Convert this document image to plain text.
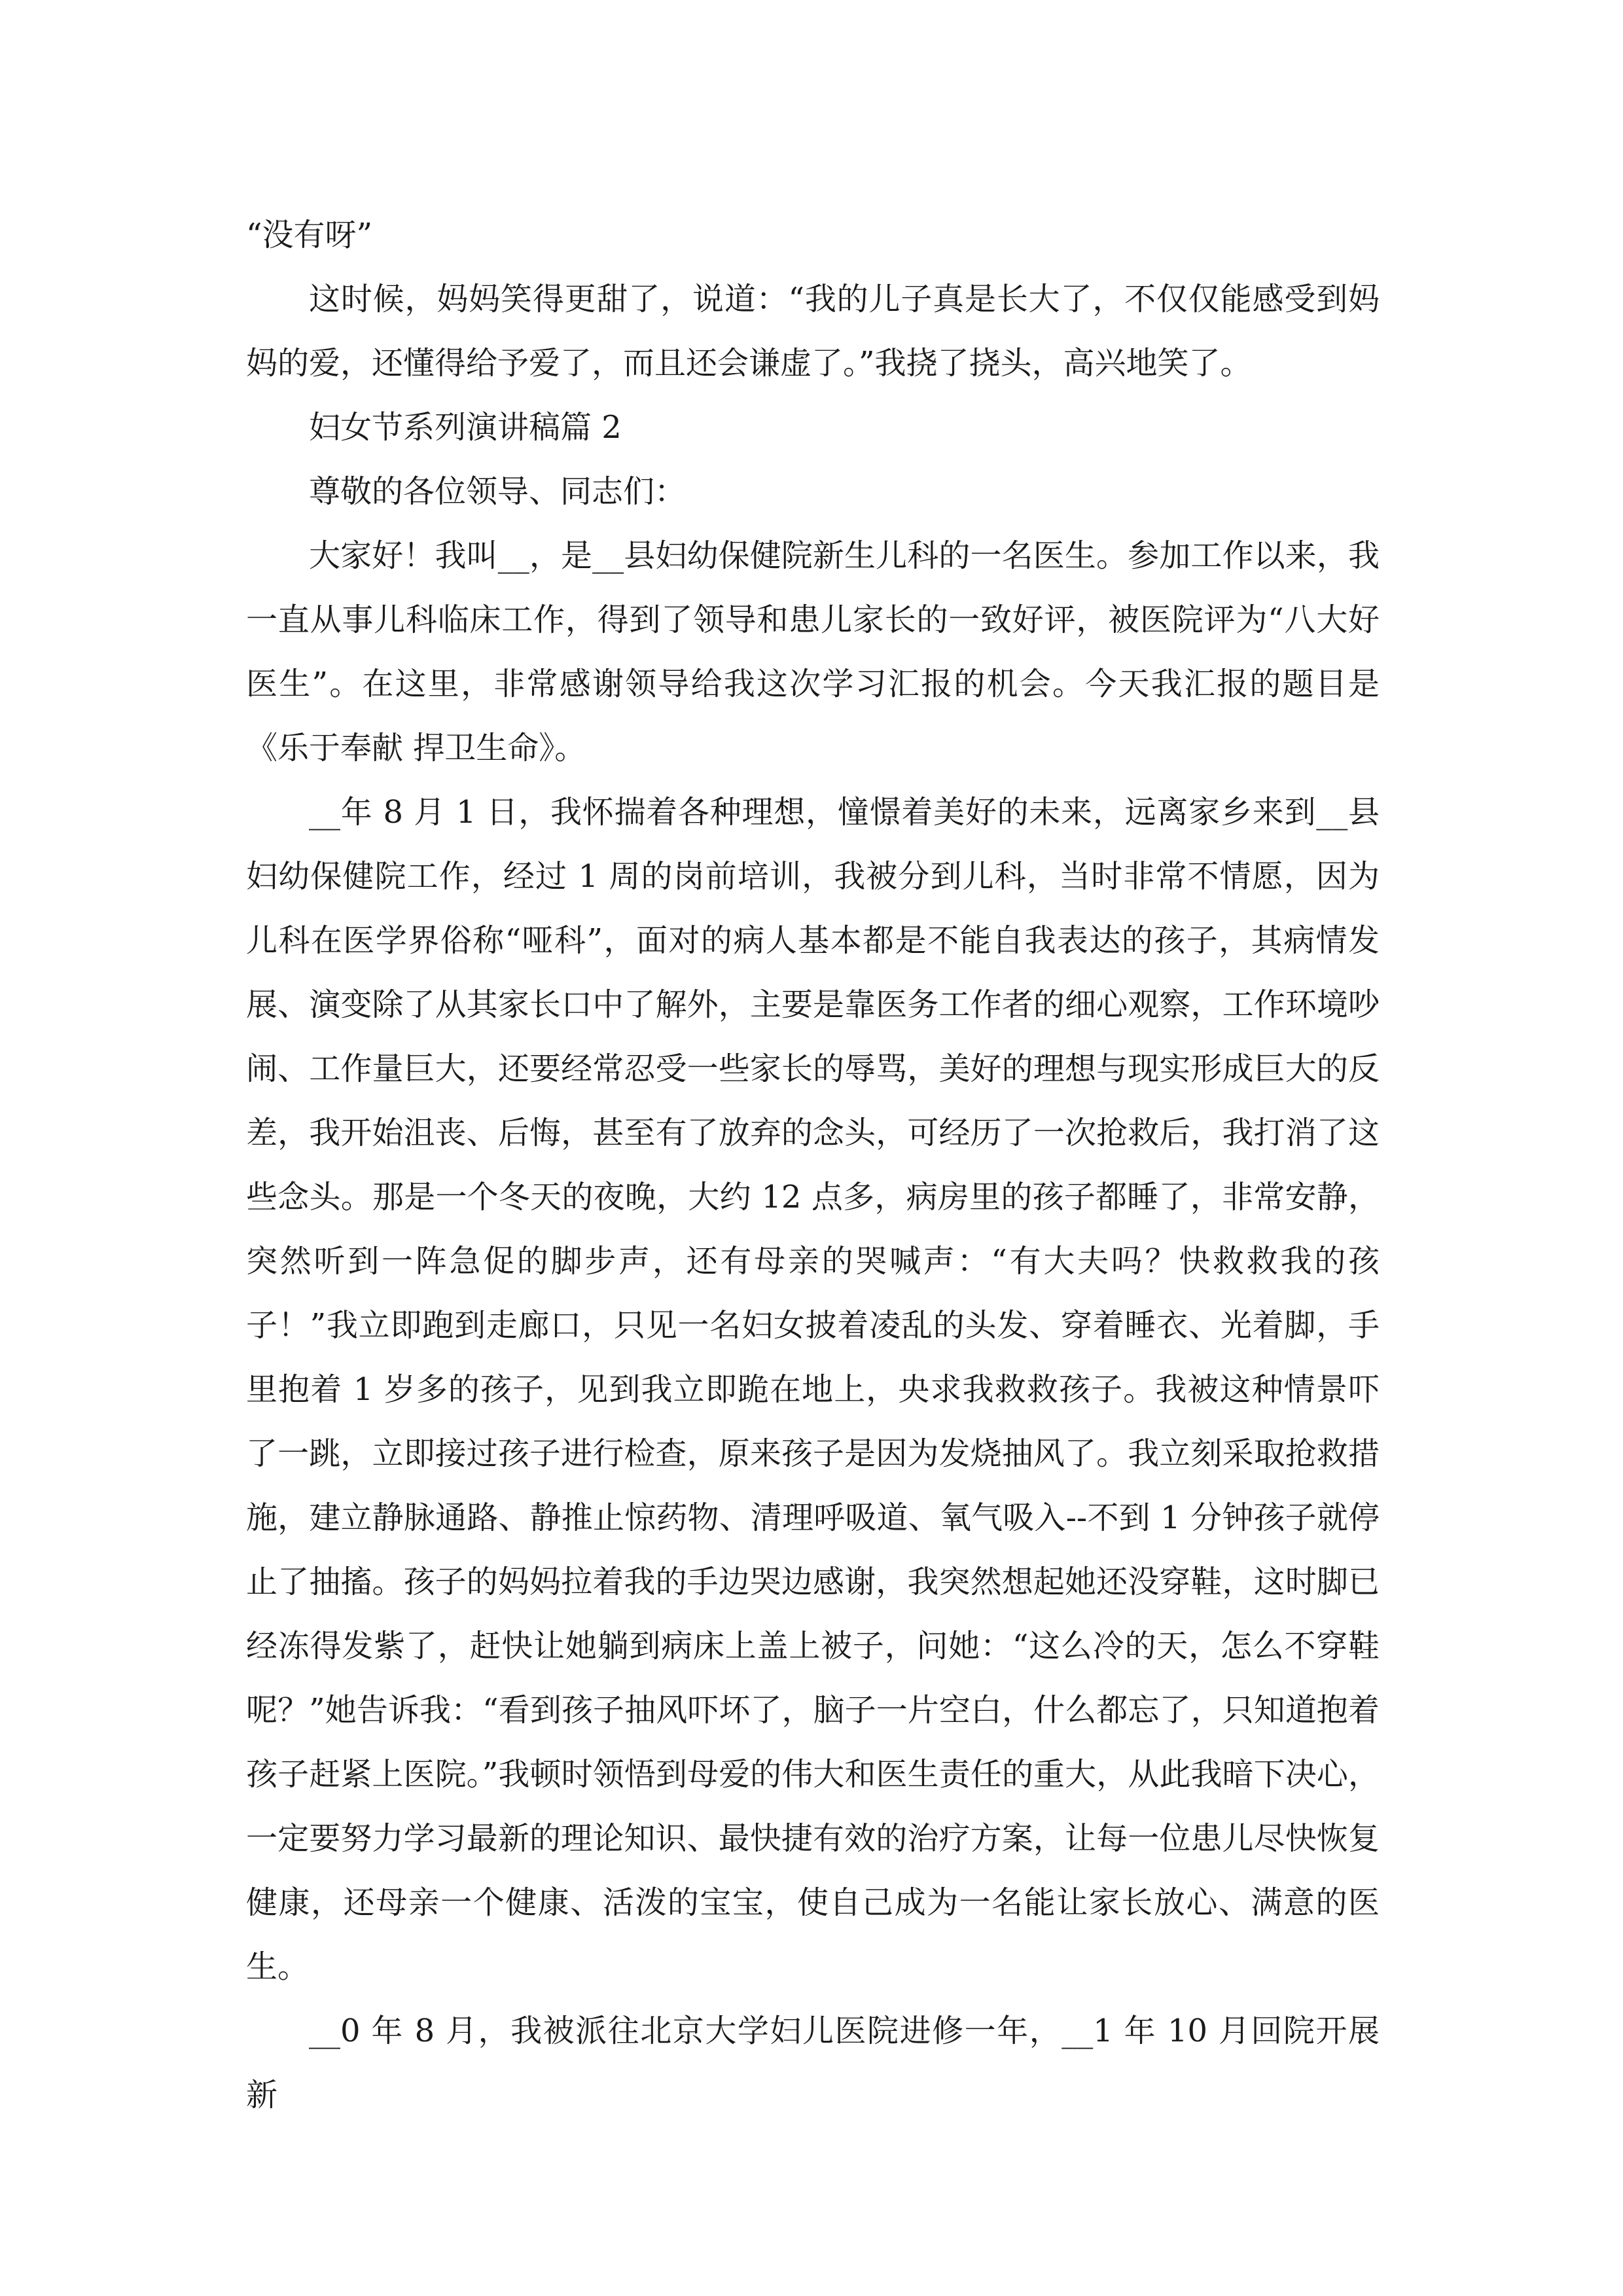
“没有呀”

这时候，妈妈笑得更甜了，说道：“我的儿子真是长大了，不仅仅能感受到妈妈的爱，还懂得给予爱了，而且还会谦虚了。”我挠了挠头，高兴地笑了。

妇女节系列演讲稿篇 2

尊敬的各位领导、同志们：

大家好！我叫__，是__县妇幼保健院新生儿科的一名医生。参加工作以来，我一直从事儿科临床工作，得到了领导和患儿家长的一致好评，被医院评为“八大好医生”。在这里，非常感谢领导给我这次学习汇报的机会。今天我汇报的题目是《乐于奉献 捍卫生命》。

__年 8 月 1 日，我怀揣着各种理想，憧憬着美好的未来，远离家乡来到__县妇幼保健院工作，经过 1 周的岗前培训，我被分到儿科，当时非常不情愿，因为儿科在医学界俗称“哑科”，面对的病人基本都是不能自我表达的孩子，其病情发展、演变除了从其家长口中了解外，主要是靠医务工作者的细心观察，工作环境吵闹、工作量巨大，还要经常忍受一些家长的辱骂，美好的理想与现实形成巨大的反差，我开始沮丧、后悔，甚至有了放弃的念头，可经历了一次抢救后，我打消了这些念头。那是一个冬天的夜晚，大约 12 点多，病房里的孩子都睡了，非常安静，突然听到一阵急促的脚步声，还有母亲的哭喊声：“有大夫吗？快救救我的孩子！”我立即跑到走廊口，只见一名妇女披着凌乱的头发、穿着睡衣、光着脚，手里抱着 1 岁多的孩子，见到我立即跪在地上，央求我救救孩子。我被这种情景吓了一跳，立即接过孩子进行检查，原来孩子是因为发烧抽风了。我立刻采取抢救措施，建立静脉通路、静推止惊药物、清理呼吸道、氧气吸入--不到 1 分钟孩子就停止了抽搐。孩子的妈妈拉着我的手边哭边感谢，我突然想起她还没穿鞋，这时脚已经冻得发紫了，赶快让她躺到病床上盖上被子，问她：“这么冷的天，怎么不穿鞋呢？”她告诉我：“看到孩子抽风吓坏了，脑子一片空白，什么都忘了，只知道抱着孩子赶紧上医院。”我顿时领悟到母爱的伟大和医生责任的重大，从此我暗下决心，一定要努力学习最新的理论知识、最快捷有效的治疗方案，让每一位患儿尽快恢复健康，还母亲一个健康、活泼的宝宝，使自己成为一名能让家长放心、满意的医生。

__0 年 8 月，我被派往北京大学妇儿医院进修一年，__1 年 10 月回院开展新
